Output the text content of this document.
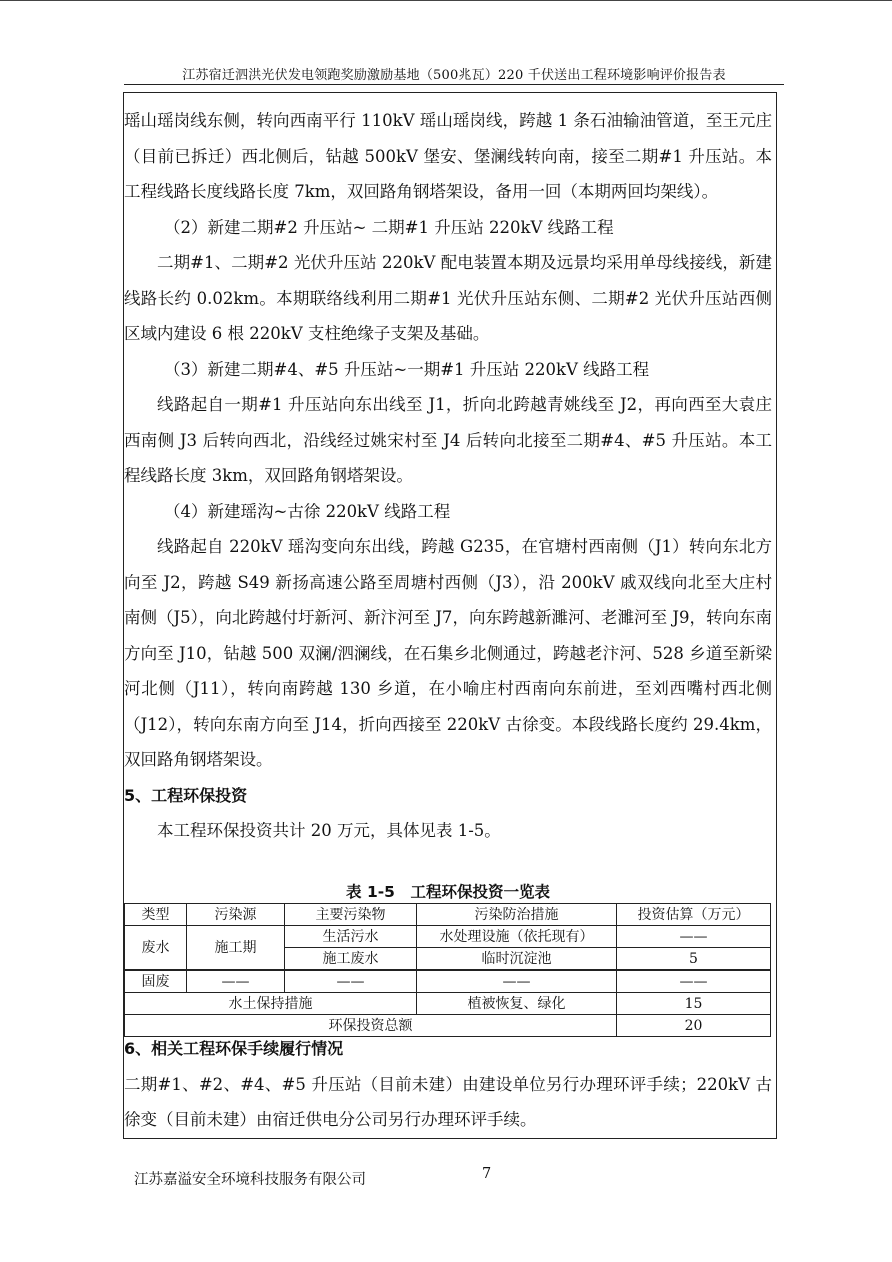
江苏宿迁泗洪光伏发电领跑奖励激励基地（500兆瓦）220 千伏送出工程环境影响评价报告表

瑶山瑶岗线东侧，转向西南平行 110kV 瑶山瑶岗线，跨越 1 条石油输油管道，至王元庄（目前已拆迁）西北侧后，钻越 500kV 堡安、堡澜线转向南，接至二期#1 升压站。本工程线路长度线路长度 7km，双回路角钢塔架设，备用一回（本期两回均架线）。

（2）新建二期#2 升压站~ 二期#1 升压站 220kV 线路工程

二期#1、二期#2 光伏升压站 220kV 配电装置本期及远景均采用单母线接线，新建线路长约 0.02km。本期联络线利用二期#1 光伏升压站东侧、二期#2 光伏升压站西侧区域内建设 6 根 220kV 支柱绝缘子支架及基础。

（3）新建二期#4、#5 升压站~一期#1 升压站 220kV 线路工程

线路起自一期#1 升压站向东出线至 J1，折向北跨越青姚线至 J2，再向西至大袁庄西南侧 J3 后转向西北，沿线经过姚宋村至 J4 后转向北接至二期#4、#5 升压站。本工程线路长度 3km，双回路角钢塔架设。

（4）新建瑶沟~古徐 220kV 线路工程

线路起自 220kV 瑶沟变向东出线，跨越 G235，在官塘村西南侧（J1）转向东北方向至 J2，跨越 S49 新扬高速公路至周塘村西侧（J3），沿 200kV 戚双线向北至大庄村南侧（J5），向北跨越付圩新河、新汴河至 J7，向东跨越新濉河、老濉河至 J9，转向东南方向至 J10，钻越 500 双澜/泗澜线，在石集乡北侧通过，跨越老汴河、528 乡道至新梁河北侧（J11），转向南跨越 130 乡道，在小喻庄村西南向东前进，至刘西嘴村西北侧（J12），转向东南方向至 J14，折向西接至 220kV 古徐变。本段线路长度约 29.4km，双回路角钢塔架设。

5、工程环保投资

本工程环保投资共计 20 万元，具体见表 1-5。

表 1-5　工程环保投资一览表
类型	污染源	主要污染物	污染防治措施	投资估算（万元）
废水	施工期	生活污水	水处理设施（依托现有）	——
		施工废水	临时沉淀池	5
固废	——	——	——	——
水土保持措施			植被恢复、绿化	15
环保投资总额				20

6、相关工程环保手续履行情况

二期#1、#2、#4、#5 升压站（目前未建）由建设单位另行办理环评手续；220kV 古徐变（目前未建）由宿迁供电分公司另行办理环评手续。

江苏嘉溢安全环境科技服务有限公司	7
